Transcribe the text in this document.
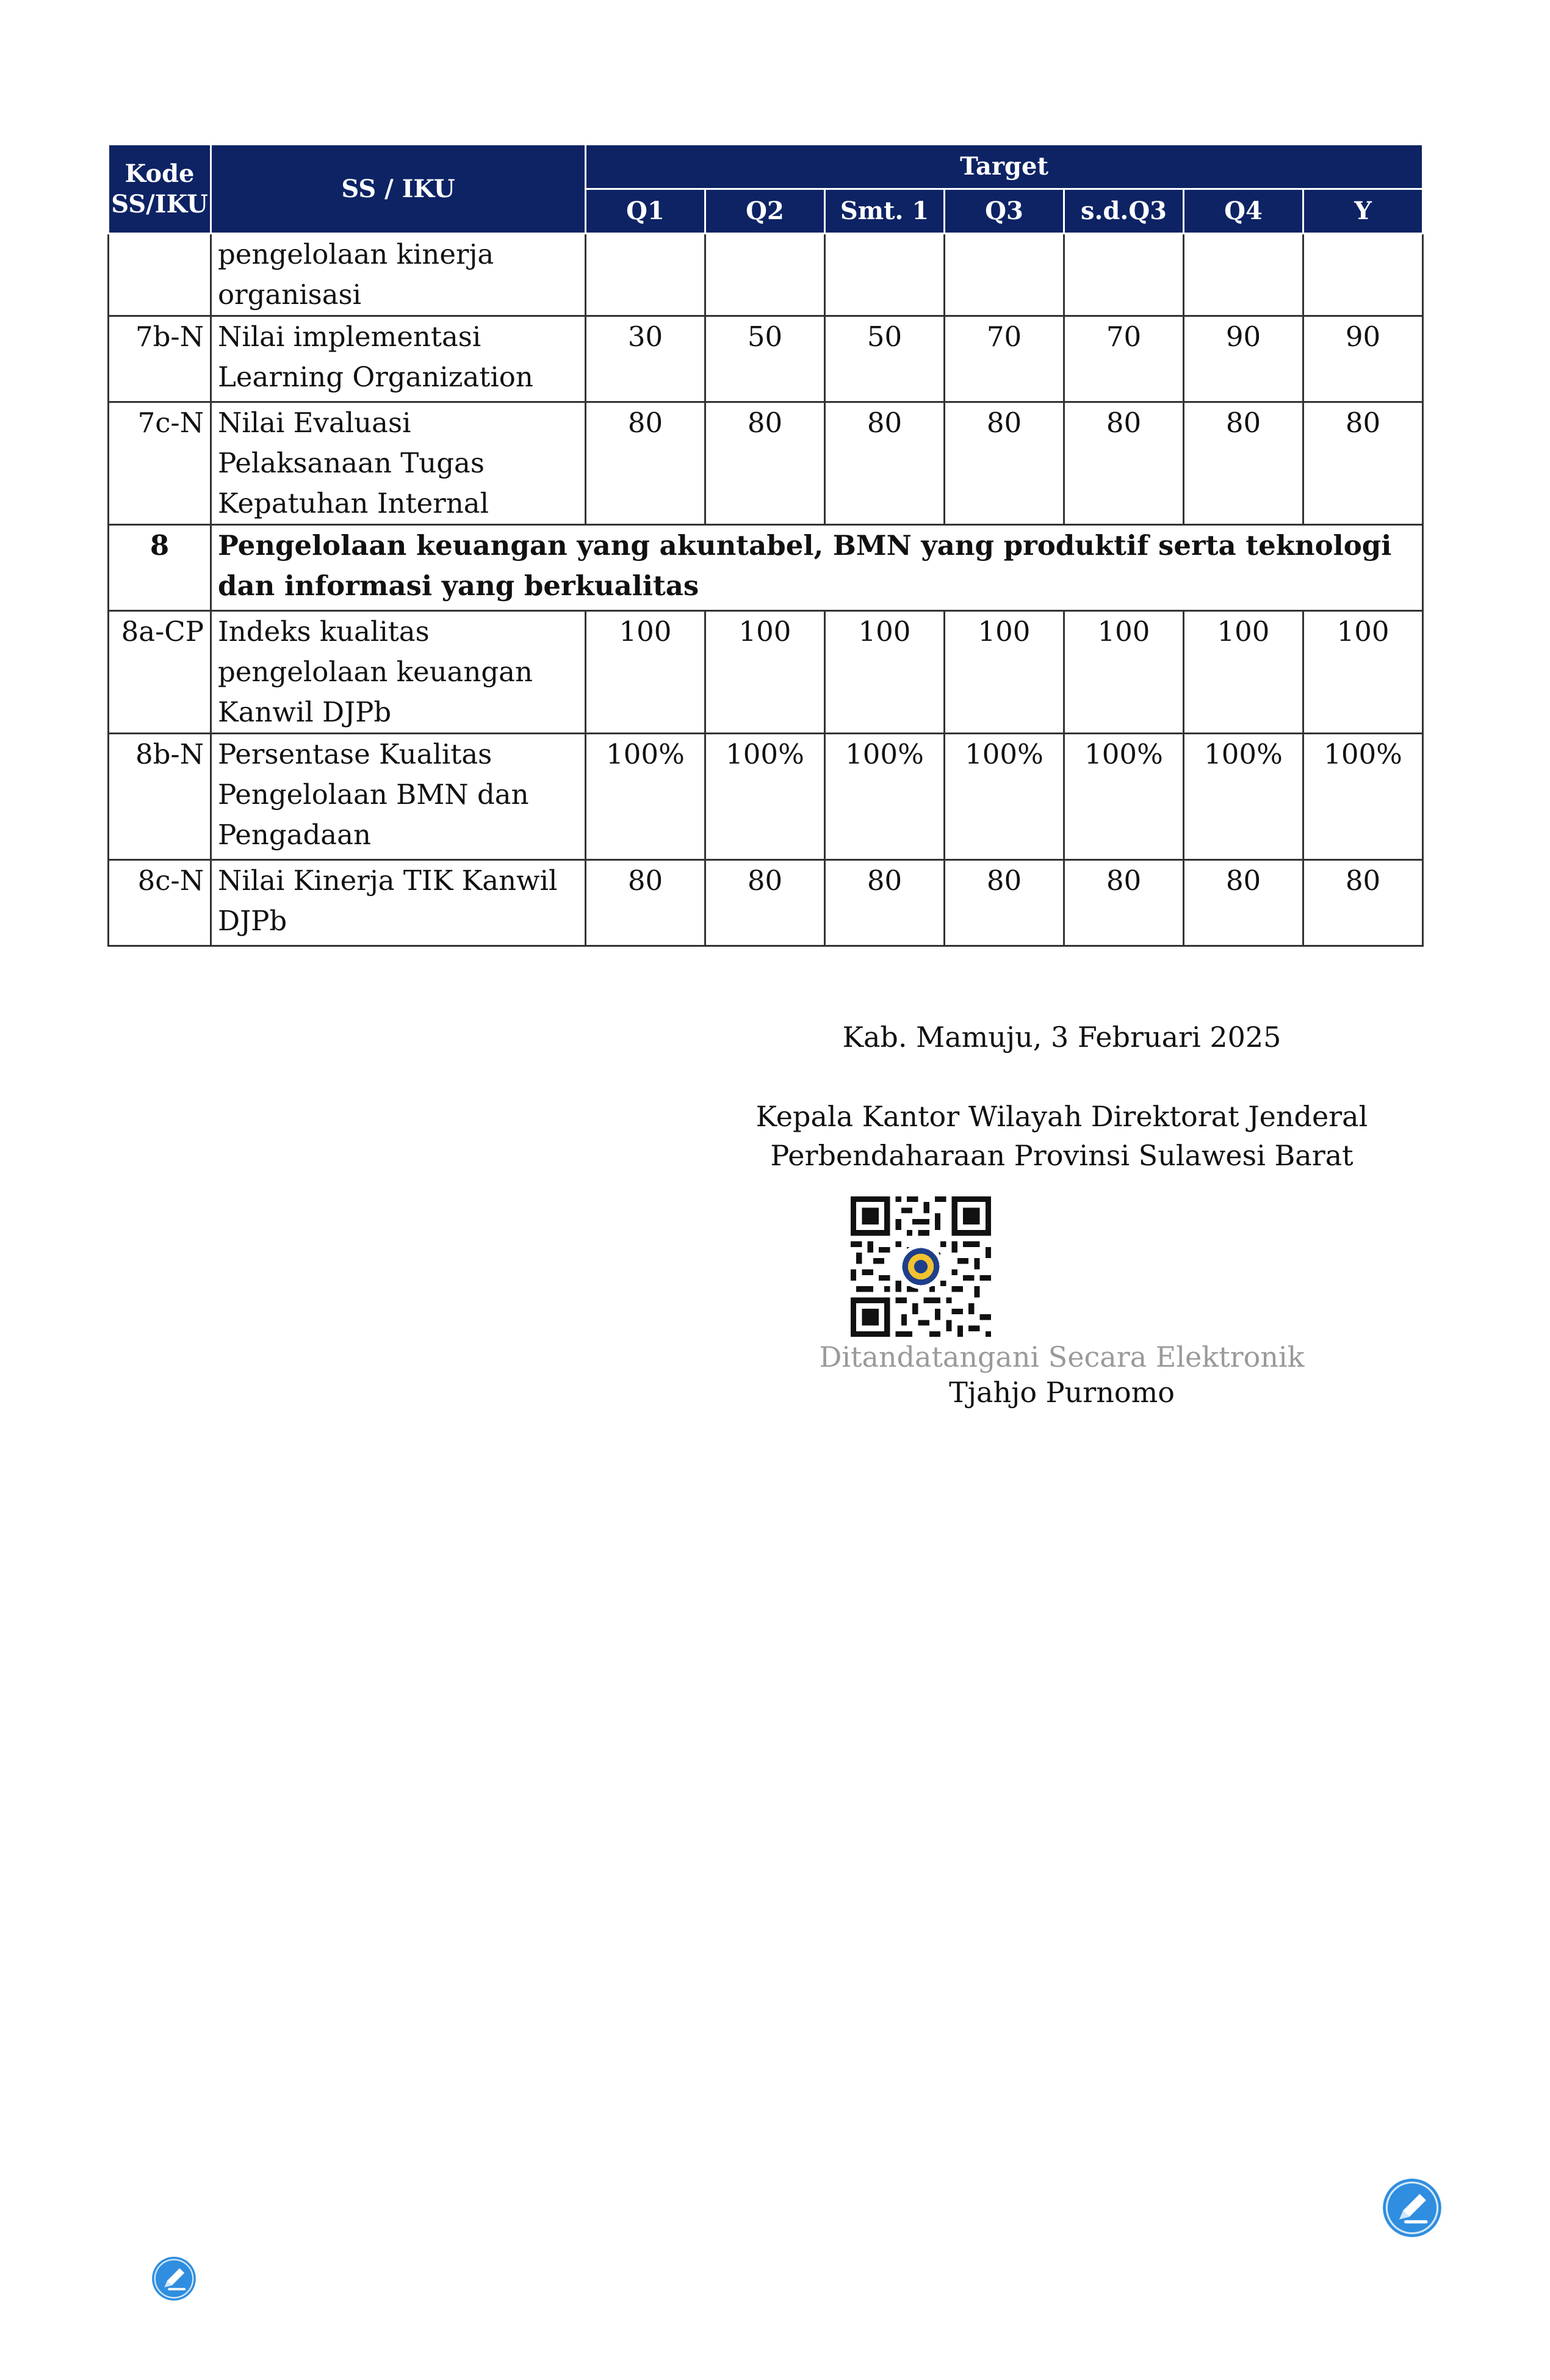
Kode SS/IKU	SS / IKU	Target						
		Q1	Q2	Smt. 1	Q3	s.d.Q3	Q4	Y
	pengelolaan kinerja organisasi							
7b-N	Nilai implementasi Learning Organization	30	50	50	70	70	90	90
7c-N	Nilai Evaluasi Pelaksanaan Tugas Kepatuhan Internal	80	80	80	80	80	80	80
8	Pengelolaan keuangan yang akuntabel, BMN yang produktif serta teknologi dan informasi yang berkualitas							
8a-CP	Indeks kualitas pengelolaan keuangan Kanwil DJPb	100	100	100	100	100	100	100
8b-N	Persentase Kualitas Pengelolaan BMN dan Pengadaan	100%	100%	100%	100%	100%	100%	100%
8c-N	Nilai Kinerja TIK Kanwil DJPb	80	80	80	80	80	80	80
Kab. Mamuju, 3 Februari 2025
Kepala Kantor Wilayah Direktorat Jenderal
Perbendaharaan Provinsi Sulawesi Barat
Ditandatangani Secara Elektronik
Tjahjo Purnomo
